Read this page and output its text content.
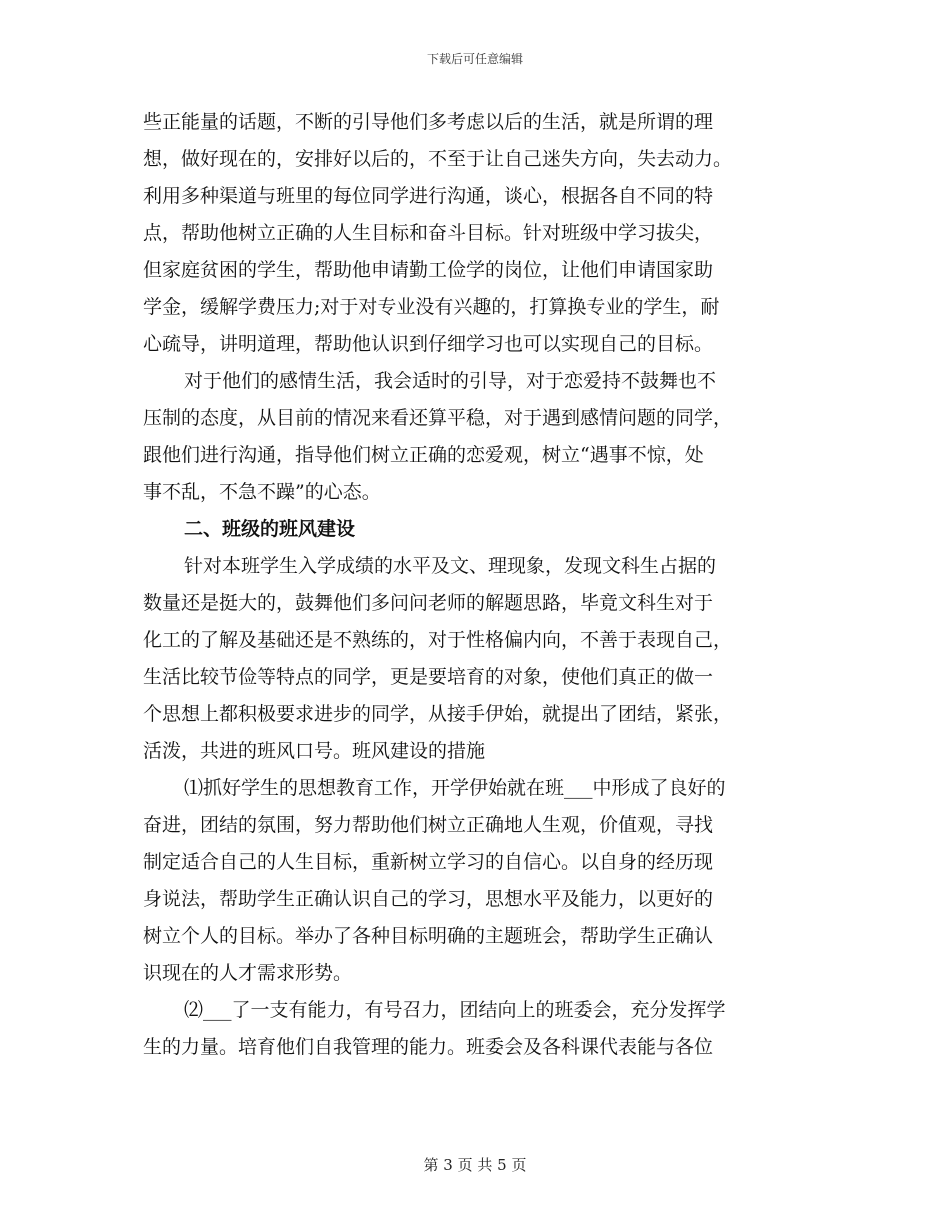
下载后可任意编辑
些正能量的话题，不断的引导他们多考虑以后的生活，就是所谓的理
想，做好现在的，安排好以后的，不至于让自己迷失方向，失去动力。
利用多种渠道与班里的每位同学进行沟通，谈心，根据各自不同的特
点，帮助他树立正确的人生目标和奋斗目标。针对班级中学习拔尖，
但家庭贫困的学生，帮助他申请勤工俭学的岗位，让他们申请国家助
学金，缓解学费压力;对于对专业没有兴趣的，打算换专业的学生，耐
心疏导，讲明道理，帮助他认识到仔细学习也可以实现自己的目标。
对于他们的感情生活，我会适时的引导，对于恋爱持不鼓舞也不
压制的态度，从目前的情况来看还算平稳，对于遇到感情问题的同学，
跟他们进行沟通，指导他们树立正确的恋爱观，树立“遇事不惊，处
事不乱，不急不躁”的心态。
二、班级的班风建设
针对本班学生入学成绩的水平及文、理现象，发现文科生占据的
数量还是挺大的，鼓舞他们多问问老师的解题思路，毕竟文科生对于
化工的了解及基础还是不熟练的，对于性格偏内向，不善于表现自己，
生活比较节俭等特点的同学，更是要培育的对象，使他们真正的做一
个思想上都积极要求进步的同学，从接手伊始，就提出了团结，紧张，
活泼，共进的班风口号。班风建设的措施
⑴抓好学生的思想教育工作，开学伊始就在班___中形成了良好的
奋进，团结的氛围，努力帮助他们树立正确地人生观，价值观，寻找
制定适合自己的人生目标，重新树立学习的自信心。以自身的经历现
身说法，帮助学生正确认识自己的学习，思想水平及能力，以更好的
树立个人的目标。举办了各种目标明确的主题班会，帮助学生正确认
识现在的人才需求形势。
⑵___了一支有能力，有号召力，团结向上的班委会，充分发挥学
生的力量。培育他们自我管理的能力。班委会及各科课代表能与各位
第 3 页 共 5 页
